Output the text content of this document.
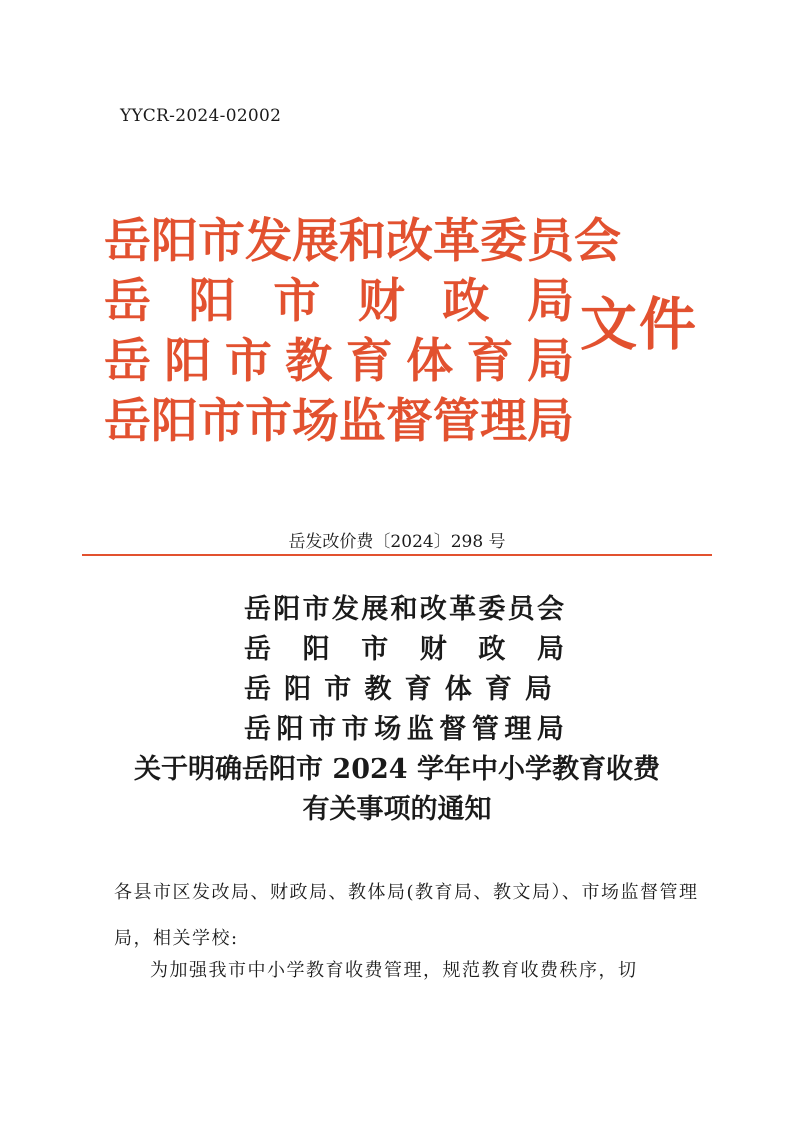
YYCR-2024-02002
岳 阳 市 发 展 和 改 革 委 员 会
岳 阳 市 财 政 局
岳 阳 市 教 育 体 育 局
岳 阳 市 市 场 监 督 管 理 局
文件
岳发改价费〔2024〕298 号
岳 阳 市 发 展 和 改 革 委 员 会
岳 阳 市 财 政 局
岳 阳 市 教 育 体 育 局
岳 阳 市 市 场 监 督 管 理 局
关于明确岳阳市 2024 学年中小学教育收费
有关事项的通知
各县市区发改局、财政局、教体局(教育局、教文局）、市场监督管理局，相关学校:
为加强我市中小学教育收费管理，规范教育收费秩序，切
